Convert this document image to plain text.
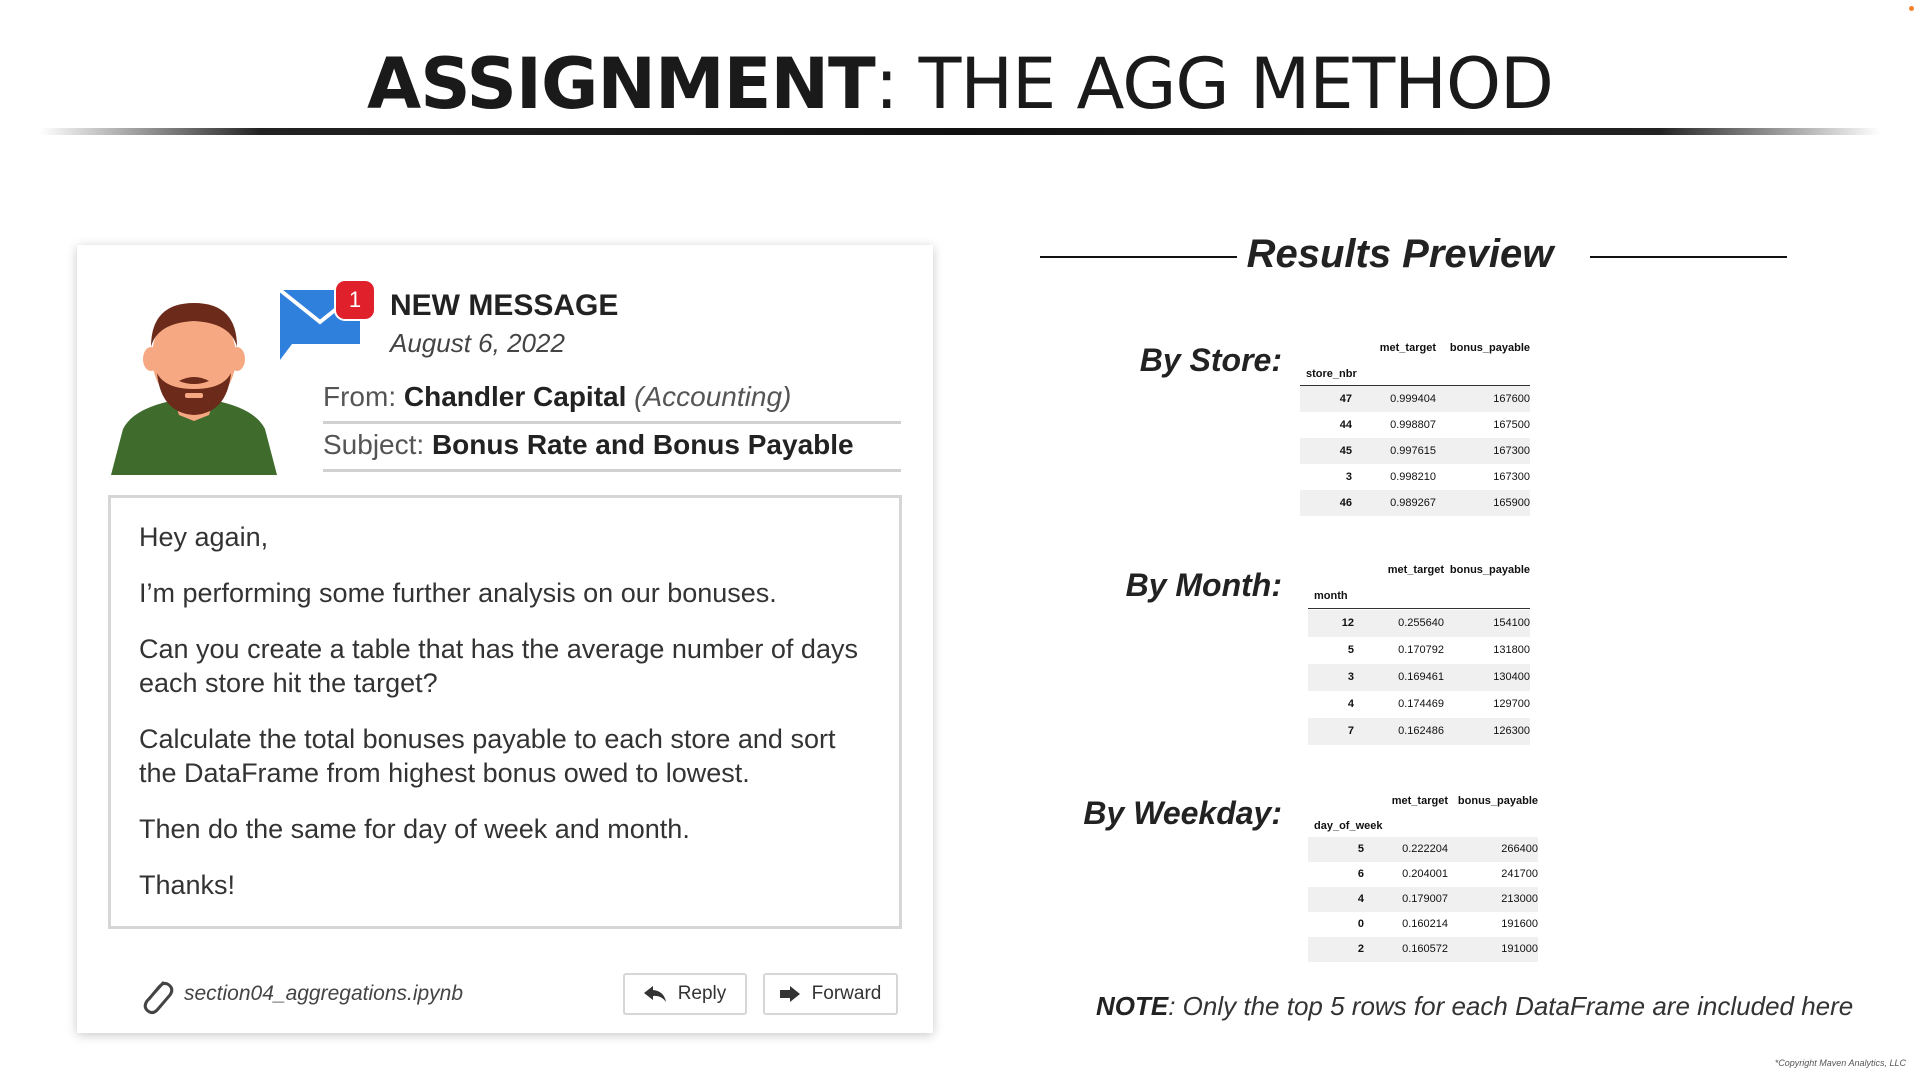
ASSIGNMENT: THE AGG METHOD
1 NEW MESSAGE
August 6, 2022
From: Chandler Capital (Accounting)
Subject: Bonus Rate and Bonus Payable

Hey again,

I’m performing some further analysis on our bonuses.

Can you create a table that has the average number of days each store hit the target?

Calculate the total bonuses payable to each store and sort the DataFrame from highest bonus owed to lowest.

Then do the same for day of week and month.

Thanks!

section04_aggregations.ipynb	Reply	Forward
Results Preview
By Store:	met_target	bonus_payable
store_nbr
47	0.999404	167600
44	0.998807	167500
45	0.997615	167300
3	0.998210	167300
46	0.989267	165900
By Month:	met_target bonus_payable
month
12	0.255640	154100
5	0.170792	131800
3	0.169461	130400
4	0.174469	129700
7	0.162486	126300
By Weekday:	met_target bonus_payable
day_of_week
5	0.222204	266400
6	0.204001	241700
4	0.179007	213000
0	0.160214	191600
2	0.160572	191000
NOTE: Only the top 5 rows for each DataFrame are included here
*Copyright Maven Analytics, LLC
